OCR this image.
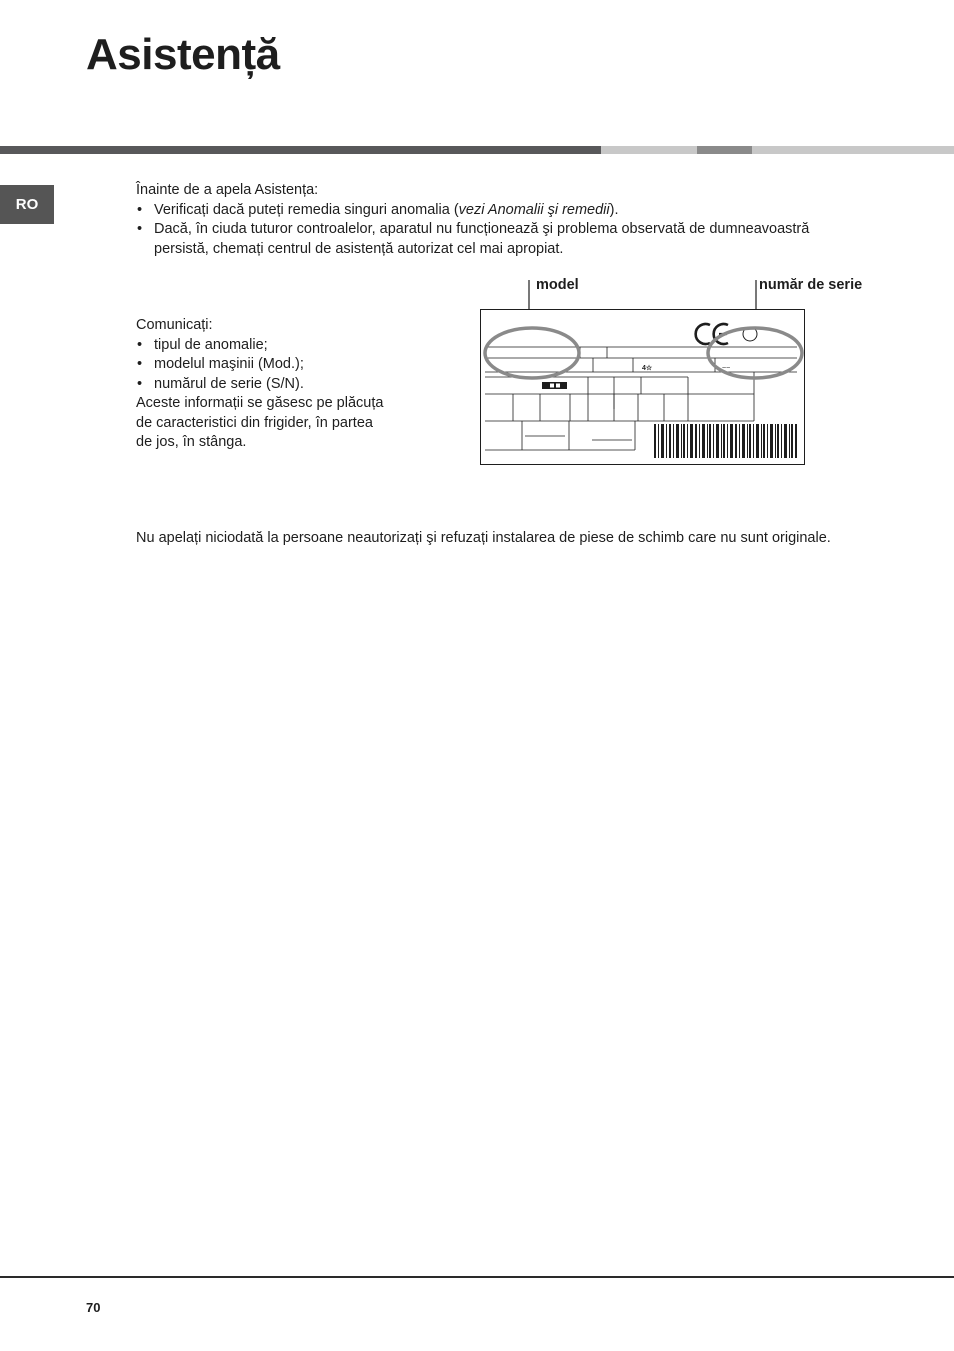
Asistență
RO
Înainte de a apela Asistența:
• Verificați dacă puteți remedia singuri anomalia (vezi Anomalii şi remedii).
• Dacă, în ciuda tuturor controalelor, aparatul nu funcționează şi problema observată de dumneavoastră
persistă, chemați centrul de asistență autorizat cel mai apropiat.
Comunicați:
• tipul de anomalie;
• modelul maşinii (Mod.);
• numărul de serie (S/N).
Aceste informații se găsesc pe plăcuța
de caracteristici din frigider, în partea
de jos, în stânga.
model	număr de serie
4☆	~~
Nu apelați niciodată la persoane neautorizați şi refuzați instalarea de piese de schimb care nu sunt originale.
70
